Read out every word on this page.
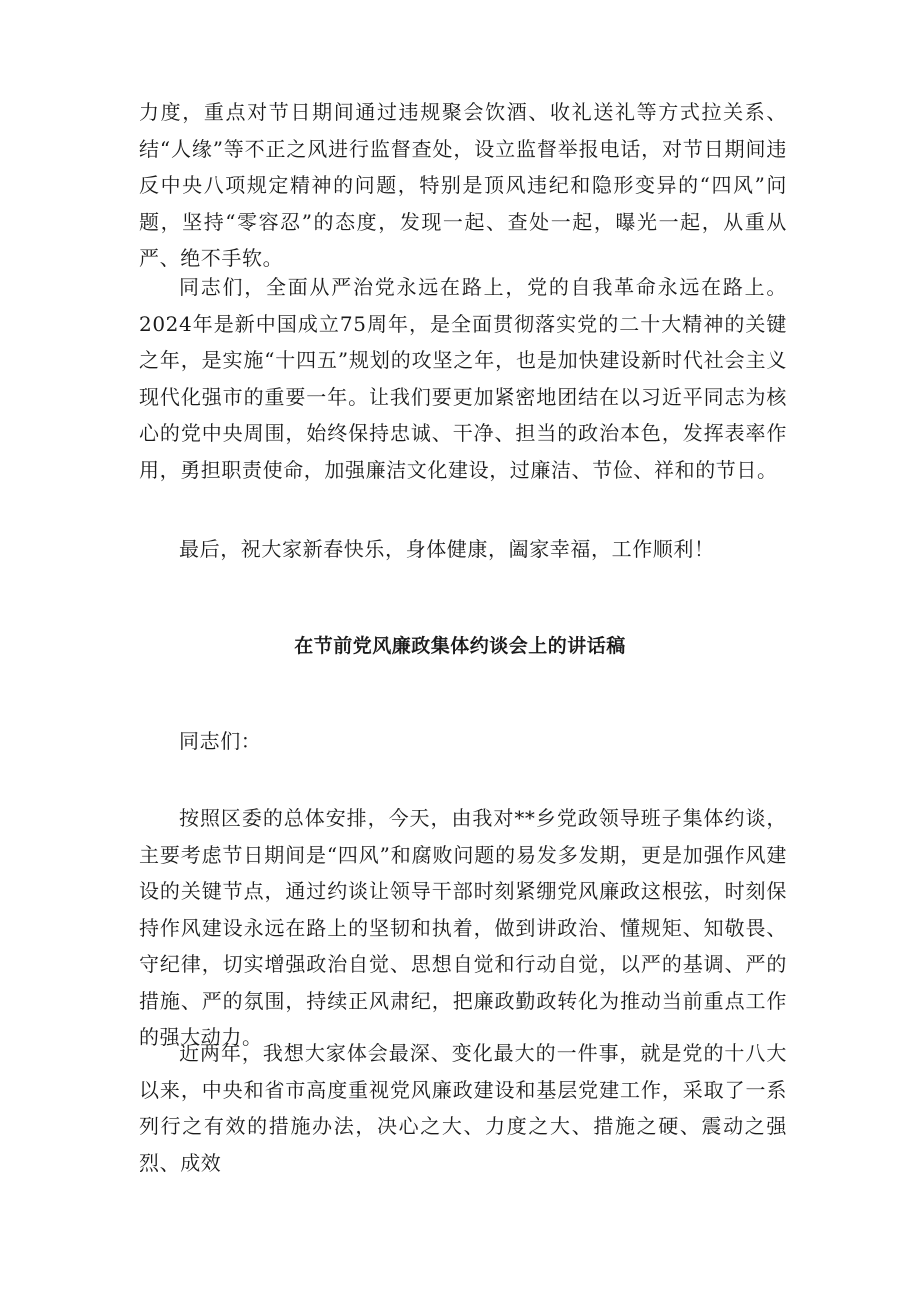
力度，重点对节日期间通过违规聚会饮酒、收礼送礼等方式拉关系、结“人缘”等不正之风进行监督查处，设立监督举报电话，对节日期间违反中央八项规定精神的问题，特别是顶风违纪和隐形变异的“四风”问题，坚持“零容忍”的态度，发现一起、查处一起，曝光一起，从重从严、绝不手软。

同志们，全面从严治党永远在路上，党的自我革命永远在路上。2024年是新中国成立75周年，是全面贯彻落实党的二十大精神的关键之年，是实施“十四五”规划的攻坚之年，也是加快建设新时代社会主义现代化强市的重要一年。让我们要更加紧密地团结在以习近平同志为核心的党中央周围，始终保持忠诚、干净、担当的政治本色，发挥表率作用，勇担职责使命，加强廉洁文化建设，过廉洁、节俭、祥和的节日。

最后，祝大家新春快乐，身体健康，阖家幸福，工作顺利！

在节前党风廉政集体约谈会上的讲话稿

同志们：

按照区委的总体安排，今天，由我对**乡党政领导班子集体约谈，主要考虑节日期间是“四风”和腐败问题的易发多发期，更是加强作风建设的关键节点，通过约谈让领导干部时刻紧绷党风廉政这根弦，时刻保持作风建设永远在路上的坚韧和执着，做到讲政治、懂规矩、知敬畏、守纪律，切实增强政治自觉、思想自觉和行动自觉，以严的基调、严的措施、严的氛围，持续正风肃纪，把廉政勤政转化为推动当前重点工作的强大动力。

近两年，我想大家体会最深、变化最大的一件事，就是党的十八大以来，中央和省市高度重视党风廉政建设和基层党建工作，采取了一系列行之有效的措施办法，决心之大、力度之大、措施之硬、震动之强烈、成效
